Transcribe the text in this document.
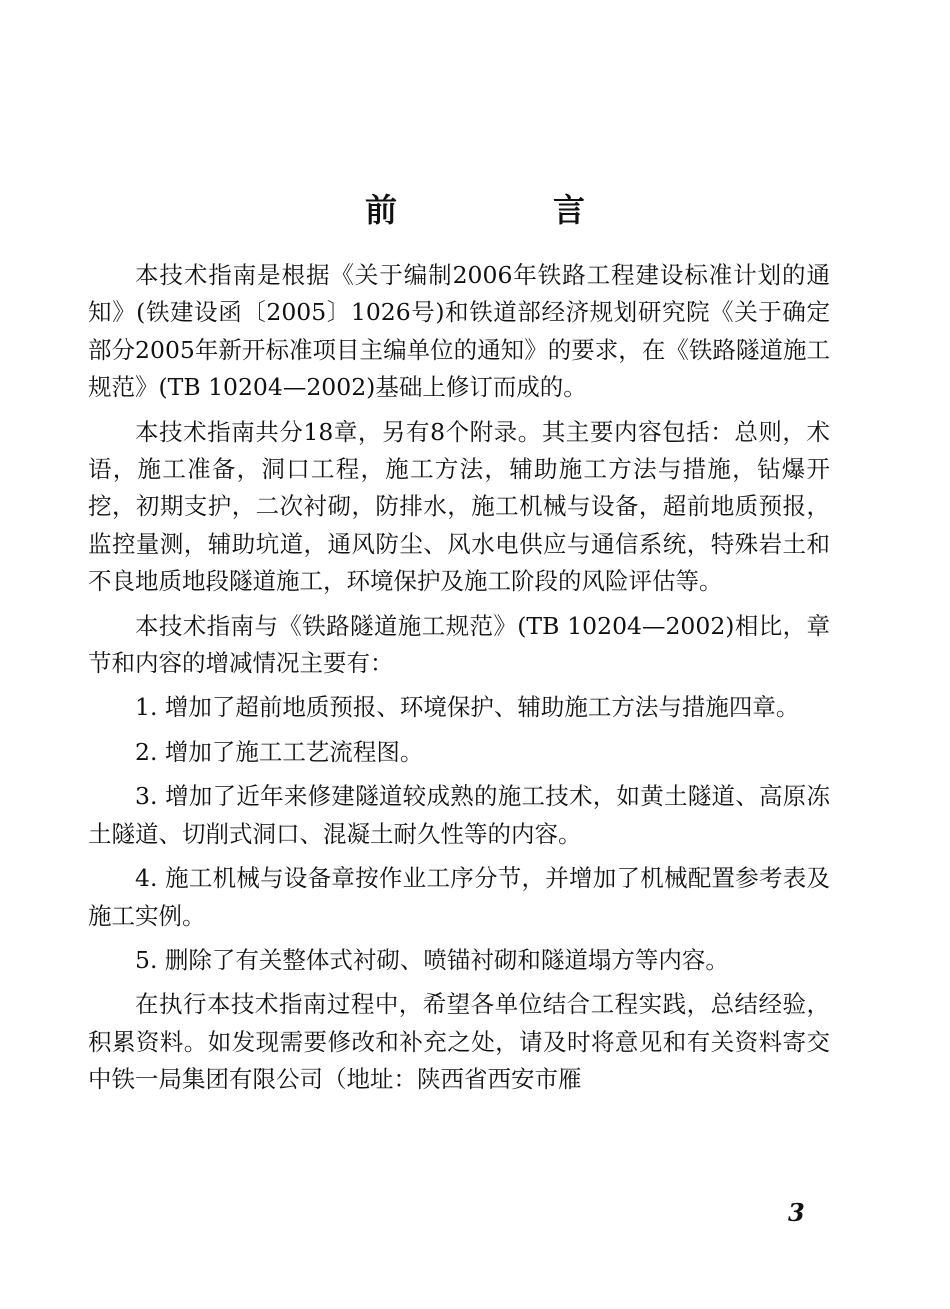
前　言

本技术指南是根据《关于编制2006年铁路工程建设标准计划的通知》(铁建设函〔2005〕1026号)和铁道部经济规划研究院《关于确定部分2005年新开标准项目主编单位的通知》的要求，在《铁路隧道施工规范》(TB 10204—2002)基础上修订而成的。

本技术指南共分18章，另有8个附录。其主要内容包括：总则，术语，施工准备，洞口工程，施工方法，辅助施工方法与措施，钻爆开挖，初期支护，二次衬砌，防排水，施工机械与设备，超前地质预报，监控量测，辅助坑道，通风防尘、风水电供应与通信系统，特殊岩土和不良地质地段隧道施工，环境保护及施工阶段的风险评估等。

本技术指南与《铁路隧道施工规范》(TB 10204—2002)相比，章节和内容的增减情况主要有：

1. 增加了超前地质预报、环境保护、辅助施工方法与措施四章。

2. 增加了施工工艺流程图。

3. 增加了近年来修建隧道较成熟的施工技术，如黄土隧道、高原冻土隧道、切削式洞口、混凝土耐久性等的内容。

4. 施工机械与设备章按作业工序分节，并增加了机械配置参考表及施工实例。

5. 删除了有关整体式衬砌、喷锚衬砌和隧道塌方等内容。

在执行本技术指南过程中，希望各单位结合工程实践，总结经验，积累资料。如发现需要修改和补充之处，请及时将意见和有关资料寄交中铁一局集团有限公司（地址：陕西省西安市雁

3
